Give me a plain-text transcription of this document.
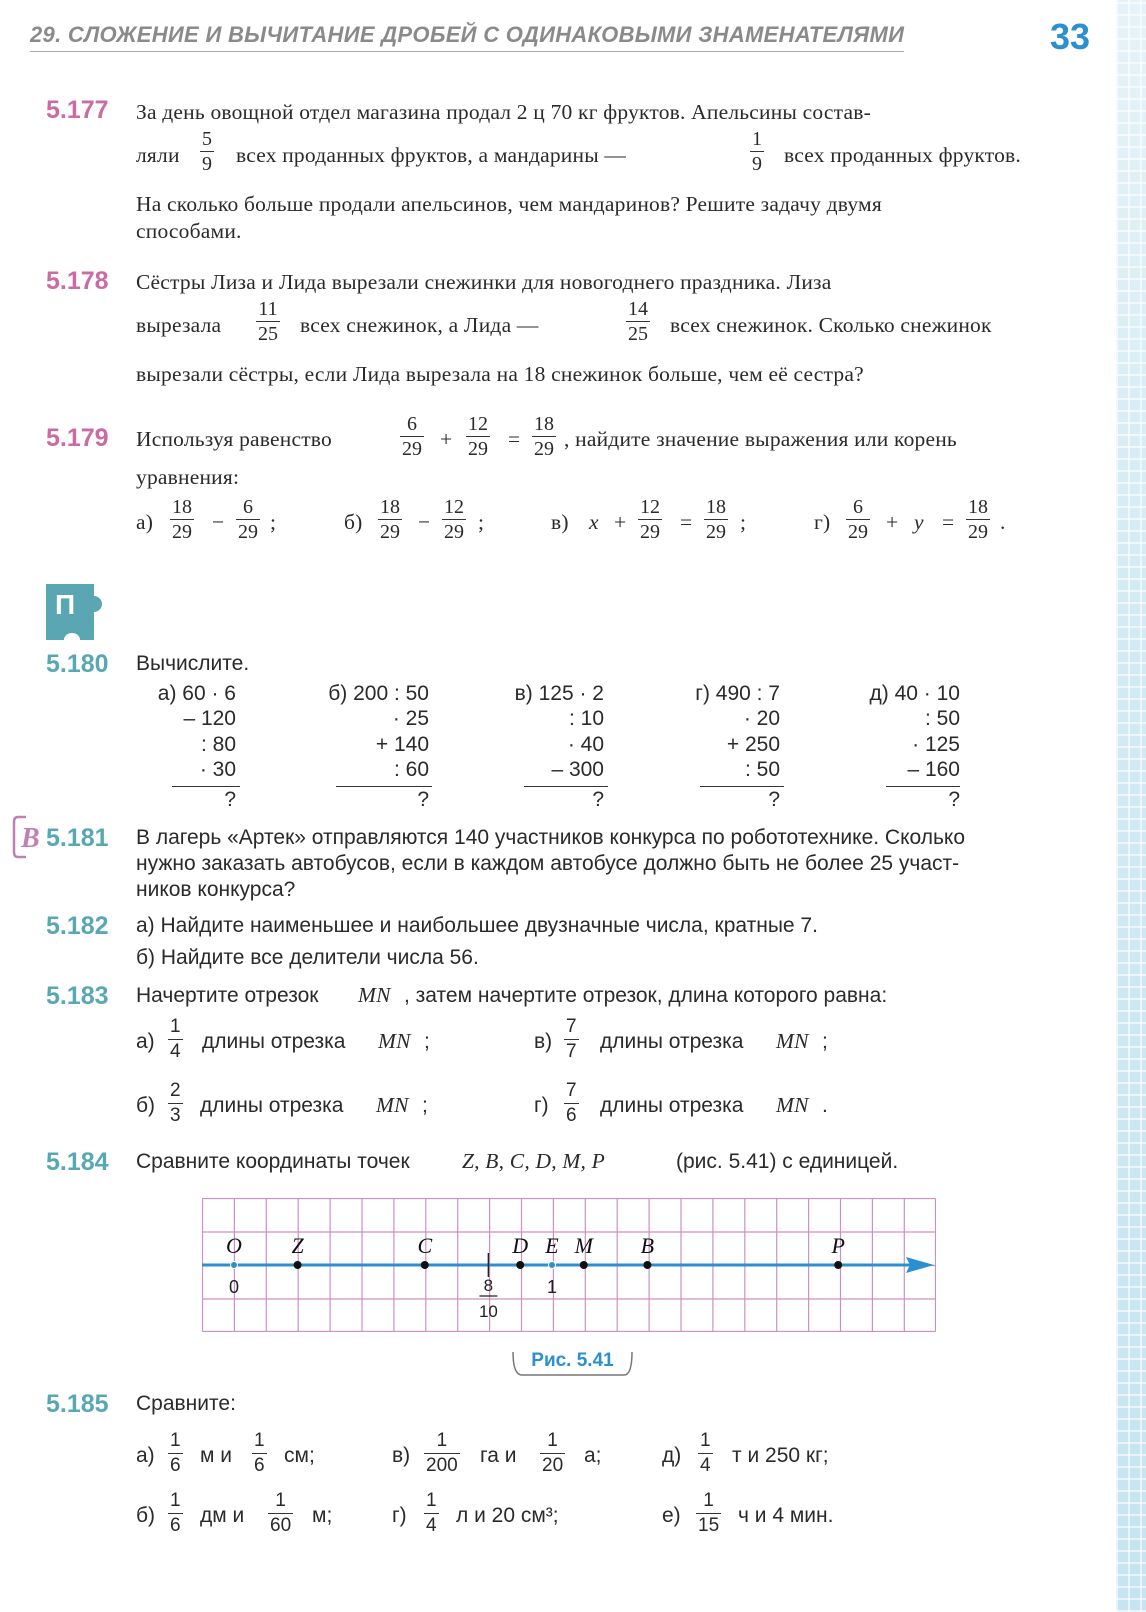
29. СЛОЖЕНИЕ И ВЫЧИТАНИЕ ДРОБЕЙ С ОДИНАКОВЫМИ ЗНАМЕНАТЕЛЯМИ	33
5.177 За день овощной отдел магазина продал 2 ц 70 кг фруктов. Апельсины состав-
ляли
5
9 всех проданных фруктов, а мандарины —
1
9 всех проданных фруктов.
На сколько больше продали апельсинов, чем мандаринов? Решите задачу двумя
способами.
5.178 Сёстры Лиза и Лида вырезали снежинки для новогоднего праздника. Лиза
вырезала
11
25 всех снежинок, а Лида —
14
25 всех снежинок. Сколько снежинок
вырезали сёстры, если Лида вырезала на 18 снежинок больше, чем её сестра?
5.179 Используя равенство
6
29 +
12
29 =
18
29 , найдите значение выражения или корень
уравнения:
а)
18
29 −
6
29 ;	б)
18
29 −
12
29 ;	в) x +
12
29 =
18
29 ;	г)
6
29 + y =
18
29 .
П
5.180 Вычислите.
а) 60 · 6
– 120
: 80
· 30
?
б) 200 : 50
· 25
+ 140
: 60
?
в) 125 · 2
: 10
· 40
– 300
?
г) 490 : 7
· 20
+ 250
: 50
?
д) 40 · 10
: 50
· 125
– 160
?
В 5.181 В лагерь «Артек» отправляются 140 участников конкурса по робототехнике. Сколько
нужно заказать автобусов, если в каждом автобусе должно быть не более 25 участ-
ников конкурса?
5.182 а) Найдите наименьшее и наибольшее двузначные числа, кратные 7.
б) Найдите все делители числа 56.
5.183 Начертите отрезок MN , затем начертите отрезок, длина которого равна:
а)
1
4 длины отрезка MN ;	в)
7
7 длины отрезка MN ;
б)
2
3 длины отрезка MN ;	г)
7
6 длины отрезка MN .
5.184 Сравните координаты точек Z, B, C, D, M, P	(рис. 5.41) с единицей.
8
10
0	1
O Z	C	D E M B	P
Рис. 5.41
5.185 Сравните:
а)
1
6 м и
1
6 см;
б)
1
6 дм и
1
60 м;
в)
1
200 га и
1
20 а;
г)
1
4 л и 20 см³;
д)
1
4 т и 250 кг;
е)
1
15 ч и 4 мин.
